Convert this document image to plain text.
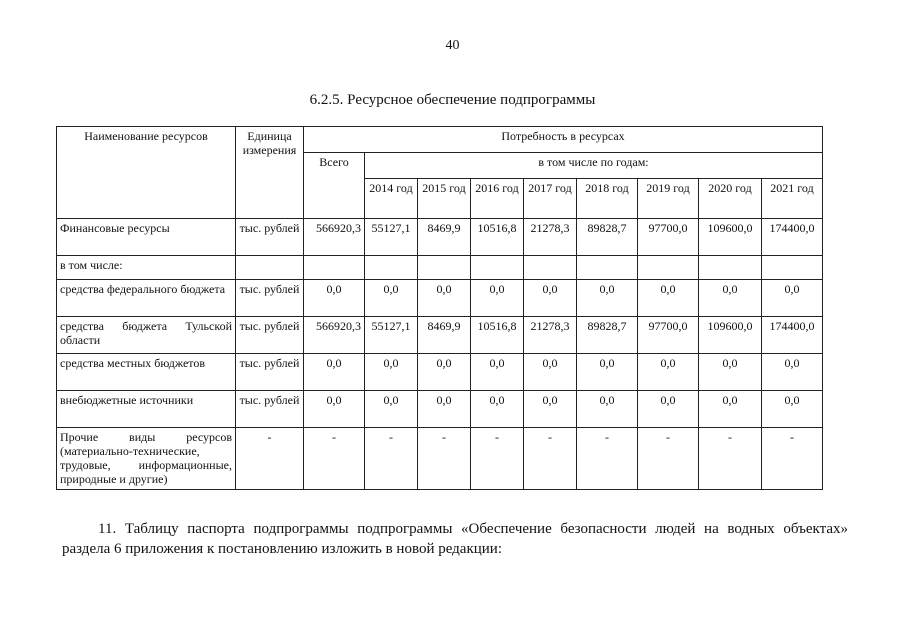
40
6.2.5. Ресурсное обеспечение подпрограммы
Наименование ресурсов	Единица измерения	Потребность в ресурсах								
		Всего	в том числе по годам:							
			2014 год	2015 год	2016 год	2017 год	2018 год	2019 год	2020 год	2021 год
Финансовые ресурсы	тыс. рублей	566920,3	55127,1	8469,9	10516,8	21278,3	89828,7	97700,0	109600,0	174400,0
в том числе:										
средства федерального бюджета	тыс. рублей	0,0	0,0	0,0	0,0	0,0	0,0	0,0	0,0	0,0
средства бюджета Тульской области	тыс. рублей	566920,3	55127,1	8469,9	10516,8	21278,3	89828,7	97700,0	109600,0	174400,0
средства местных бюджетов	тыс. рублей	0,0	0,0	0,0	0,0	0,0	0,0	0,0	0,0	0,0
внебюджетные источники	тыс. рублей	0,0	0,0	0,0	0,0	0,0	0,0	0,0	0,0	0,0
Прочие виды ресурсов (материально-технические, трудовые, информационные, природные и другие)	-	-	-	-	-	-	-	-	-	-
11. Таблицу паспорта подпрограммы подпрограммы «Обеспечение безопасности людей на водных объектах» раздела 6 приложения к постановлению изложить в новой редакции:
